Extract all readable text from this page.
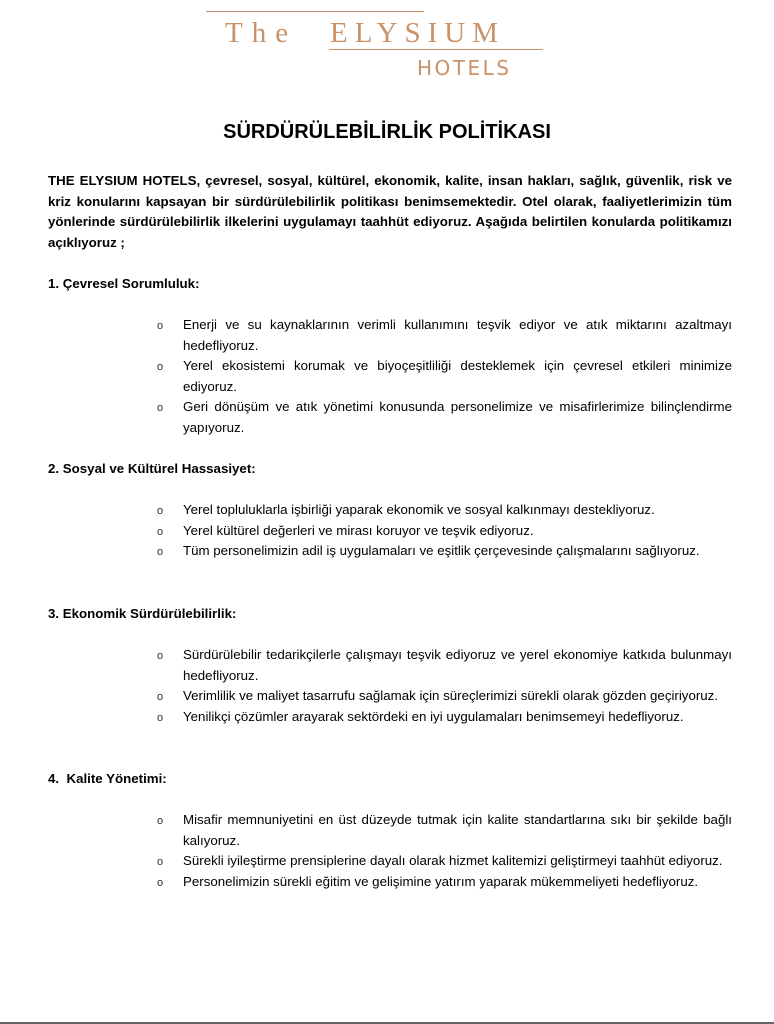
The ELYSIUM
HOTELS
SÜRDÜRÜLEBİLİRLİK POLİTİKASI
THE ELYSIUM HOTELS, çevresel, sosyal, kültürel, ekonomik, kalite, insan hakları, sağlık, güvenlik, risk ve kriz konularını kapsayan bir sürdürülebilirlik politikası benimsemektedir. Otel olarak, faaliyetlerimizin tüm yönlerinde sürdürülebilirlik ilkelerini uygulamayı taahhüt ediyoruz. Aşağıda belirtilen konularda politikamızı açıklıyoruz ;
1. Çevresel Sorumluluk:
o Enerji ve su kaynaklarının verimli kullanımını teşvik ediyor ve atık miktarını azaltmayı hedefliyoruz.
o Yerel ekosistemi korumak ve biyoçeşitliliği desteklemek için çevresel etkileri minimize ediyoruz.
o Geri dönüşüm ve atık yönetimi konusunda personelimize ve misafirlerimize bilinçlendirme yapıyoruz.
2. Sosyal ve Kültürel Hassasiyet:
o Yerel topluluklarla işbirliği yaparak ekonomik ve sosyal kalkınmayı destekliyoruz.
o Yerel kültürel değerleri ve mirası koruyor ve teşvik ediyoruz.
o Tüm personelimizin adil iş uygulamaları ve eşitlik çerçevesinde çalışmalarını sağlıyoruz.
3. Ekonomik Sürdürülebilirlik:
o Sürdürülebilir tedarikçilerle çalışmayı teşvik ediyoruz ve yerel ekonomiye katkıda bulunmayı hedefliyoruz.
o Verimlilik ve maliyet tasarrufu sağlamak için süreçlerimizi sürekli olarak gözden geçiriyoruz.
o Yenilikçi çözümler arayarak sektördeki en iyi uygulamaları benimsemeyi hedefliyoruz.
4.  Kalite Yönetimi:
o Misafir memnuniyetini en üst düzeyde tutmak için kalite standartlarına sıkı bir şekilde bağlı kalıyoruz.
o Sürekli iyileştirme prensiplerine dayalı olarak hizmet kalitemizi geliştirmeyi taahhüt ediyoruz.
o Personelimizin sürekli eğitim ve gelişimine yatırım yaparak mükemmeliyeti hedefliyoruz.
